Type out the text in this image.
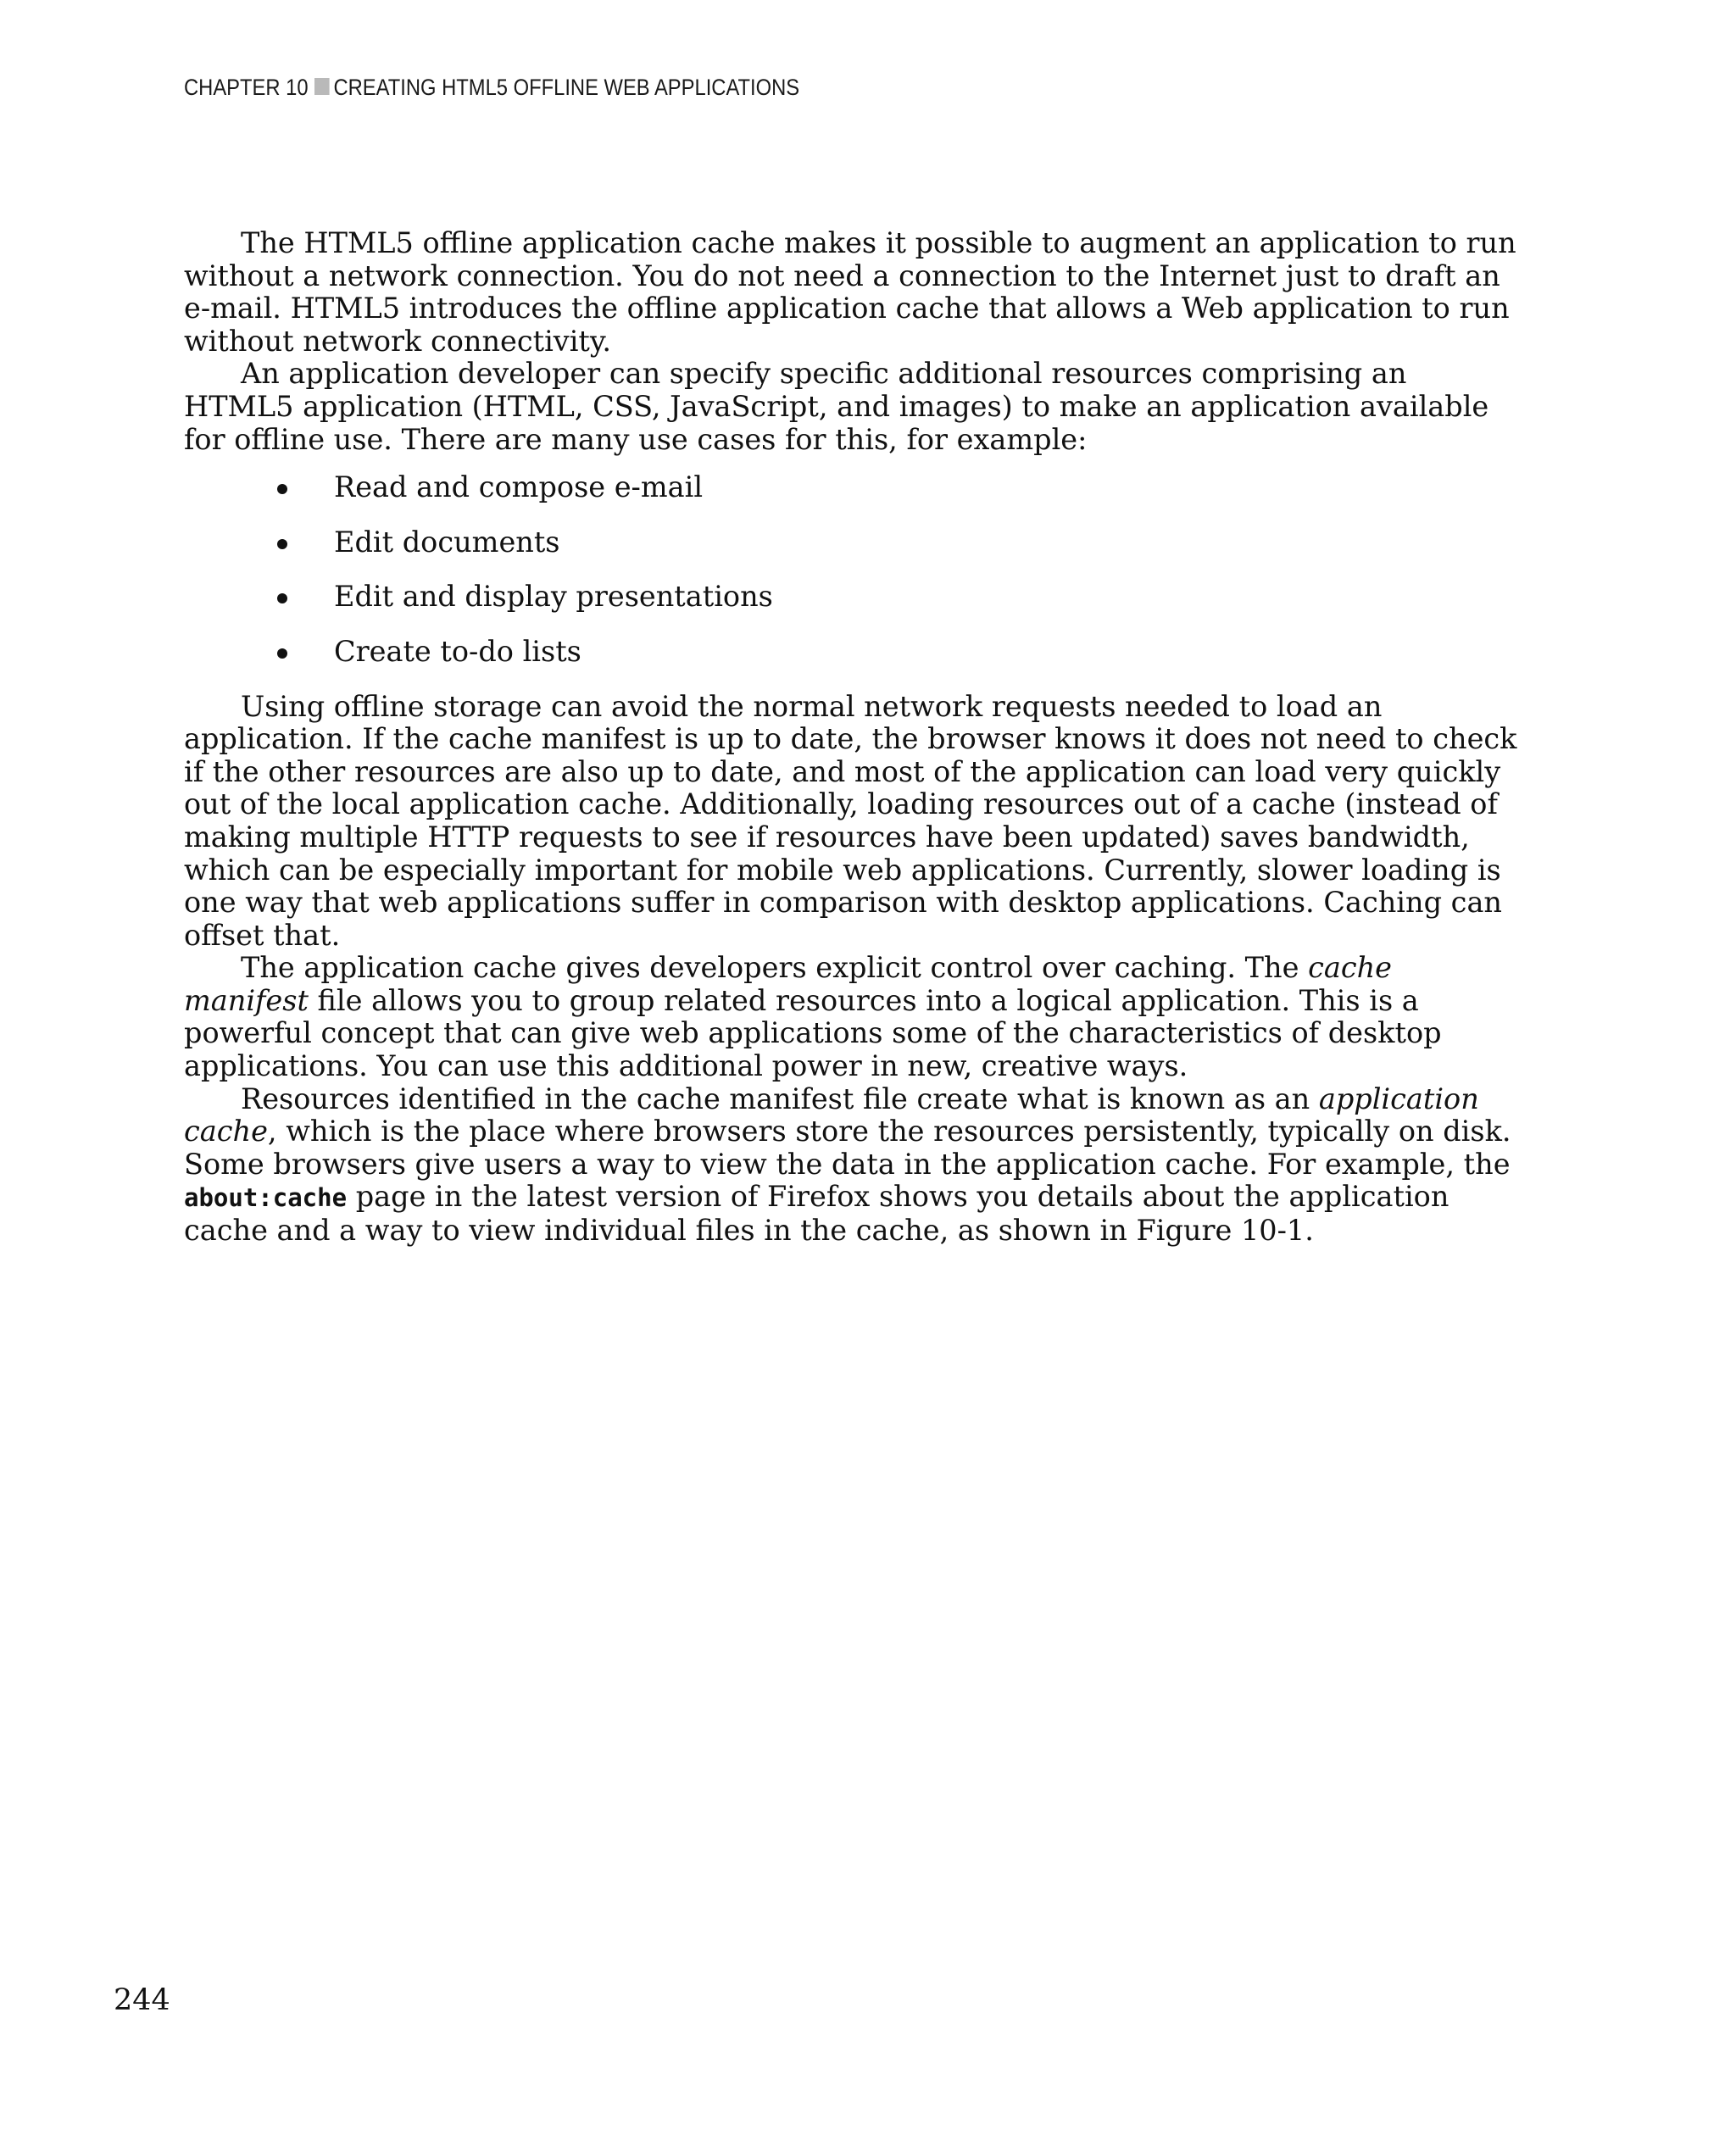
CHAPTER 10 CREATING HTML5 OFFLINE WEB APPLICATIONS

The HTML5 offline application cache makes it possible to augment an application to run without a network connection. You do not need a connection to the Internet just to draft an e-mail. HTML5 introduces the offline application cache that allows a Web application to run without network connectivity.

An application developer can specify specific additional resources comprising an HTML5 application (HTML, CSS, JavaScript, and images) to make an application available for offline use. There are many use cases for this, for example:

Read and compose e-mail
Edit documents
Edit and display presentations
Create to-do lists

Using offline storage can avoid the normal network requests needed to load an application. If the cache manifest is up to date, the browser knows it does not need to check if the other resources are also up to date, and most of the application can load very quickly out of the local application cache. Additionally, loading resources out of a cache (instead of making multiple HTTP requests to see if resources have been updated) saves bandwidth, which can be especially important for mobile web applications. Currently, slower loading is one way that web applications suffer in comparison with desktop applications. Caching can offset that.

The application cache gives developers explicit control over caching. The cache manifest file allows you to group related resources into a logical application. This is a powerful concept that can give web applications some of the characteristics of desktop applications. You can use this additional power in new, creative ways.

Resources identified in the cache manifest file create what is known as an application cache, which is the place where browsers store the resources persistently, typically on disk. Some browsers give users a way to view the data in the application cache. For example, the about:cache page in the latest version of Firefox shows you details about the application cache and a way to view individual files in the cache, as shown in Figure 10-1.

244
